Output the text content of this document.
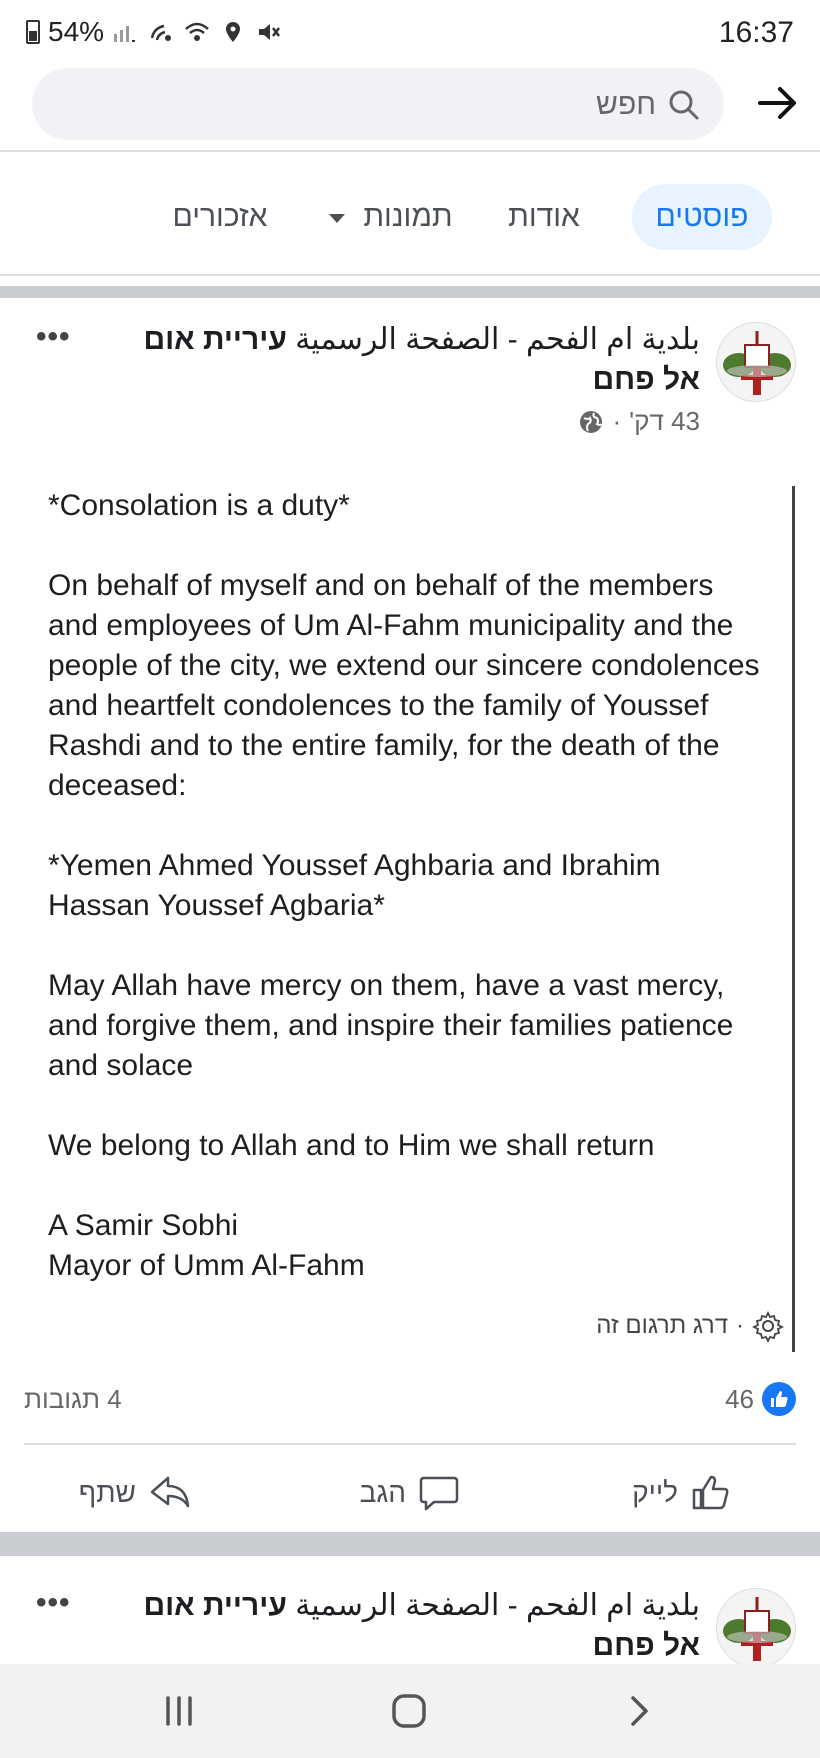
54%	16:37
חפש
פוסטים
אודות
תמונות
אזכורים
بلدية ام الفحم - الصفحة الرسمية עיריית אום אל פחם
•••
43 דק'
·
*Consolation is a duty*

On behalf of myself and on behalf of the members and employees of Um Al-Fahm municipality and the people of the city, we extend our sincere condolences and heartfelt condolences to the family of Youssef Rashdi and to the entire family, for the death of the deceased:

*Yemen Ahmed Youssef Aghbaria and Ibrahim Hassan Youssef Agbaria*

May Allah have mercy on them, have a vast mercy, and forgive them, and inspire their families patience and solace

We belong to Allah and to Him we shall return

A Samir Sobhi
Mayor of Umm Al-Fahm
·
דרג תרגום זה
4 תגובות	46
לייק
הגב
שתף
بلدية ام الفحم - الصفحة الرسمية עיריית אום אל פחם
•••
